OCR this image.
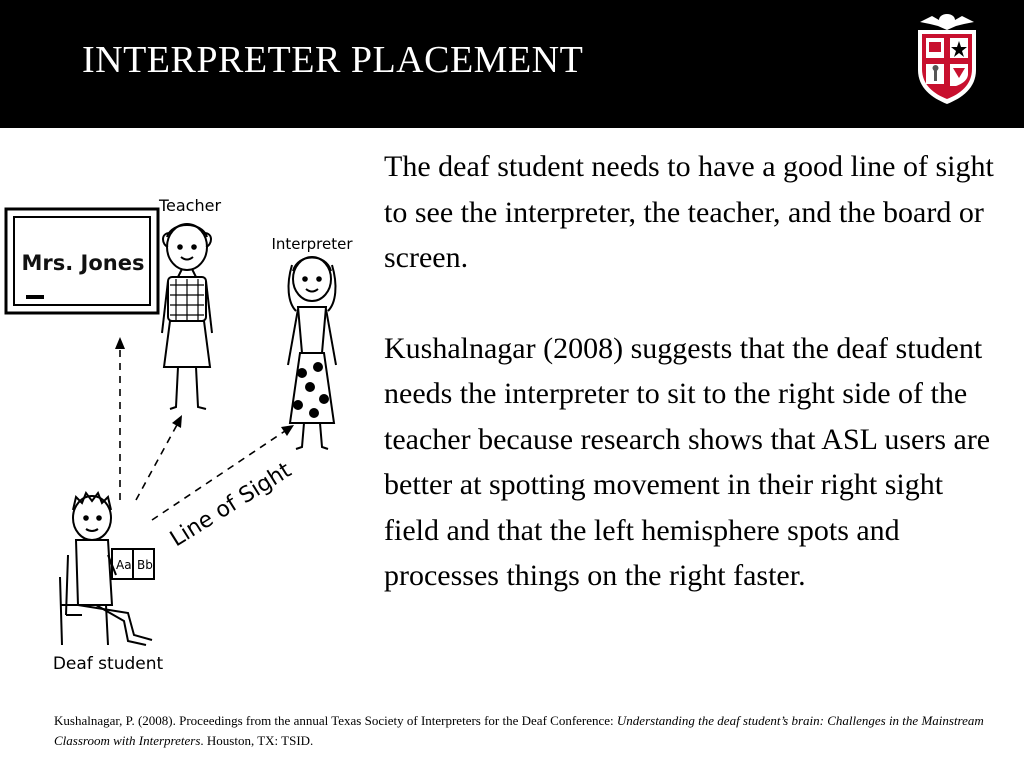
INTERPRETER PLACEMENT
Mrs. Jones
Teacher
Interpreter
Line of Sight
Aa Bb
Deaf student

The deaf student needs to have a good line of sight to see the interpreter, the teacher, and the board or screen.

Kushalnagar (2008) suggests that the deaf student needs the interpreter to sit to the right side of the teacher because research shows that ASL users are better at spotting movement in their right sight field and that the left hemisphere spots and processes things on the right faster.

Kushalnagar, P. (2008). Proceedings from the annual Texas Society of Interpreters for the Deaf Conference: Understanding the deaf student’s brain: Challenges in the Mainstream Classroom with Interpreters. Houston, TX: TSID.
